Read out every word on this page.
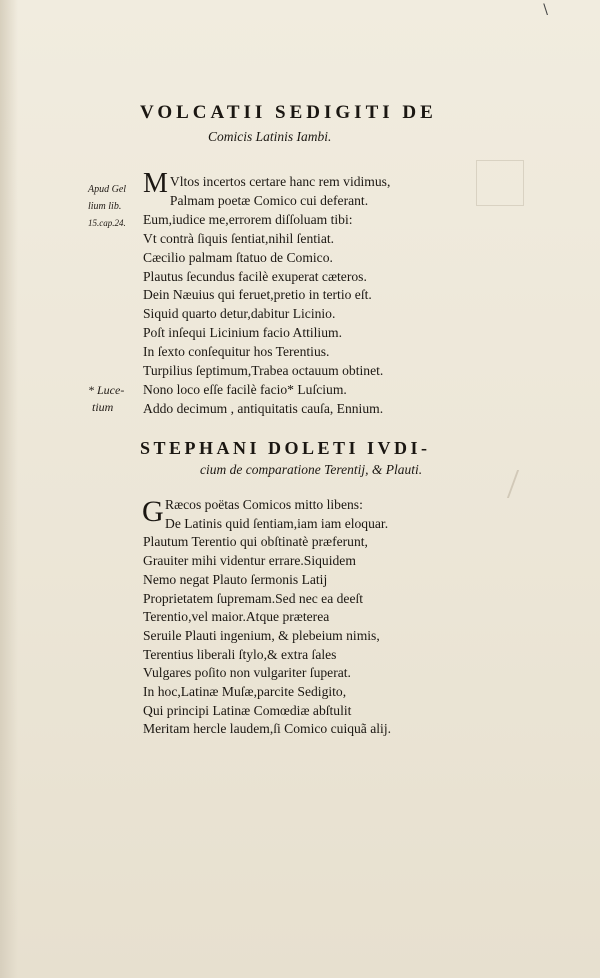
\
VOLCATII SEDIGITI DE
Comicis Latinis Iambi.
Apud Gel
lium lib.
15.cap.24.
M Vltos incertos certare hanc rem vidimus,
Palmam poetæ Comico cui deferant.
Eum,iudice me,errorem diſſoluam tibi:
Vt contrà ſiquis ſentiat,nihil ſentiat.
Cæcilio palmam ſtatuo de Comico.
Plautus ſecundus facilè exuperat cæteros.
Dein Næuius qui feruet,pretio in tertio eſt.
Siquid quarto detur,dabitur Licinio.
Poſt inſequi Licinium facio Attilium.
In ſexto conſequitur hos Terentius.
Turpilius ſeptimum,Trabea octauum obtinet.
Nono loco eſſe facilè facio* Luſcium.
Addo decimum , antiquitatis cauſa, Ennium.
* Luce-
tium
STEPHANI DOLETI IVDI-
cium de comparatione Terentij, & Plauti.
G Ræcos poëtas Comicos mitto libens:
De Latinis quid ſentiam,iam iam eloquar.
Plautum Terentio qui obſtinatè præferunt,
Grauiter mihi videntur errare.Siquidem
Nemo negat Plauto ſermonis Latij
Proprietatem ſupremam.Sed nec ea deeſt
Terentio,vel maior.Atque præterea
Seruile Plauti ingenium, & plebeium nimis,
Terentius liberali ſtylo,& extra ſales
Vulgares poſito non vulgariter ſuperat.
In hoc,Latinæ Muſæ,parcite Sedigito,
Qui principi Latinæ Comœdiæ abſtulit
Meritam hercle laudem,ſi Comico cuiquã alij.
